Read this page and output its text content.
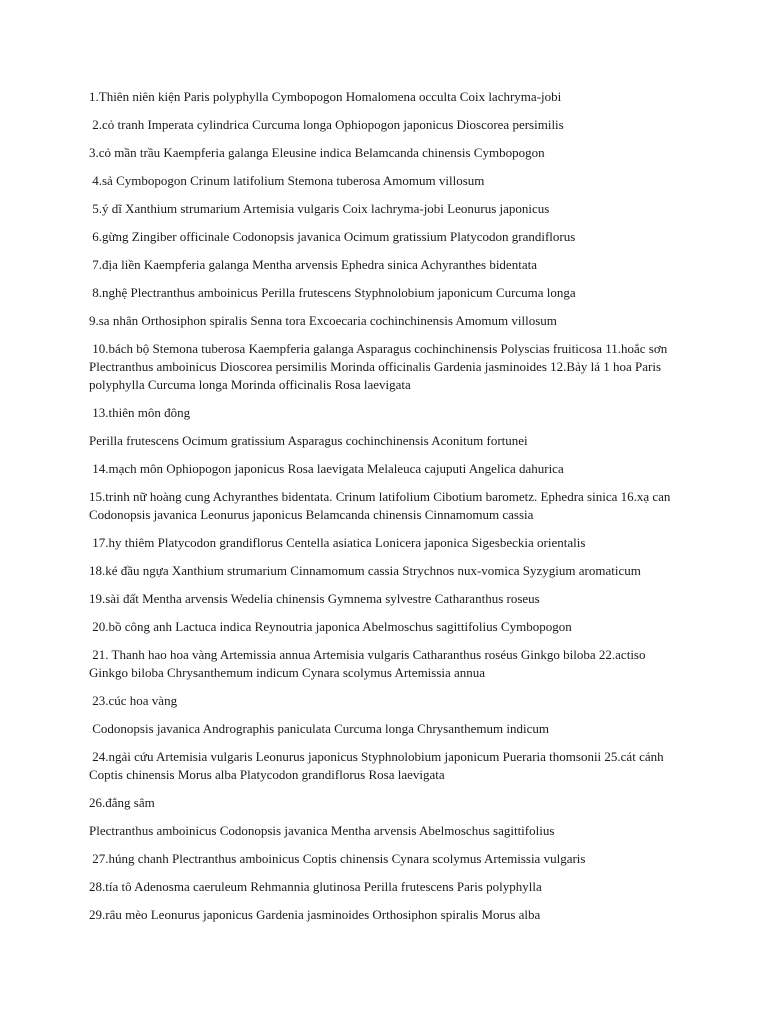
1.Thiên niên kiện Paris polyphylla Cymbopogon Homalomena occulta Coix lachryma-jobi

2.cỏ tranh Imperata cylindrica Curcuma longa Ophiopogon japonicus Dioscorea persimilis

3.cỏ mần trầu Kaempferia galanga Eleusine indica Belamcanda chinensis Cymbopogon

4.sả Cymbopogon Crinum latifolium Stemona tuberosa Amomum villosum

5.ý dĩ Xanthium strumarium Artemisia vulgaris Coix lachryma-jobi Leonurus japonicus

6.gừng Zingiber officinale Codonopsis javanica Ocimum gratissium Platycodon grandiflorus

7.địa liền Kaempferia galanga Mentha arvensis Ephedra sinica Achyranthes bidentata

8.nghệ Plectranthus amboinicus Perilla frutescens Styphnolobium japonicum Curcuma longa

9.sa nhân Orthosiphon spiralis Senna tora Excoecaria cochinchinensis Amomum villosum

10.bách bộ Stemona tuberosa Kaempferia galanga Asparagus cochinchinensis Polyscias fruiticosa 11.hoắc sơn Plectranthus amboinicus Dioscorea persimilis Morinda officinalis Gardenia jasminoides 12.Bảy lá 1 hoa Paris polyphylla Curcuma longa Morinda officinalis Rosa laevigata

13.thiên môn đông

Perilla frutescens Ocimum gratissium Asparagus cochinchinensis Aconitum fortunei

14.mạch môn Ophiopogon japonicus Rosa laevigata Melaleuca cajuputi Angelica dahurica

15.trinh nữ hoàng cung Achyranthes bidentata. Crinum latifolium Cibotium barometz. Ephedra sinica 16.xạ can Codonopsis javanica Leonurus japonicus Belamcanda chinensis Cinnamomum cassia

17.hy thiêm Platycodon grandiflorus Centella asiatica Lonicera japonica Sigesbeckia orientalis

18.ké đầu ngựa Xanthium strumarium Cinnamomum cassia Strychnos nux-vomica Syzygium aromaticum

19.sài đất Mentha arvensis Wedelia chinensis Gymnema sylvestre Catharanthus roseus

20.bồ công anh Lactuca indica Reynoutria japonica Abelmoschus sagittifolius Cymbopogon

21. Thanh hao hoa vàng Artemissia annua Artemisia vulgaris Catharanthus roséus Ginkgo biloba 22.actiso Ginkgo biloba Chrysanthemum indicum Cynara scolymus Artemissia annua

23.cúc hoa vàng

Codonopsis javanica Andrographis paniculata Curcuma longa Chrysanthemum indicum

24.ngải cứu Artemisia vulgaris Leonurus japonicus Styphnolobium japonicum Pueraria thomsonii 25.cát cánh Coptis chinensis Morus alba Platycodon grandiflorus Rosa laevigata

26.đẳng sâm

Plectranthus amboinicus Codonopsis javanica Mentha arvensis Abelmoschus sagittifolius

27.húng chanh Plectranthus amboinicus Coptis chinensis Cynara scolymus Artemissia vulgaris

28.tía tô Adenosma caeruleum Rehmannia glutinosa Perilla frutescens Paris polyphylla

29.râu mèo Leonurus japonicus Gardenia jasminoides Orthosiphon spiralis Morus alba
